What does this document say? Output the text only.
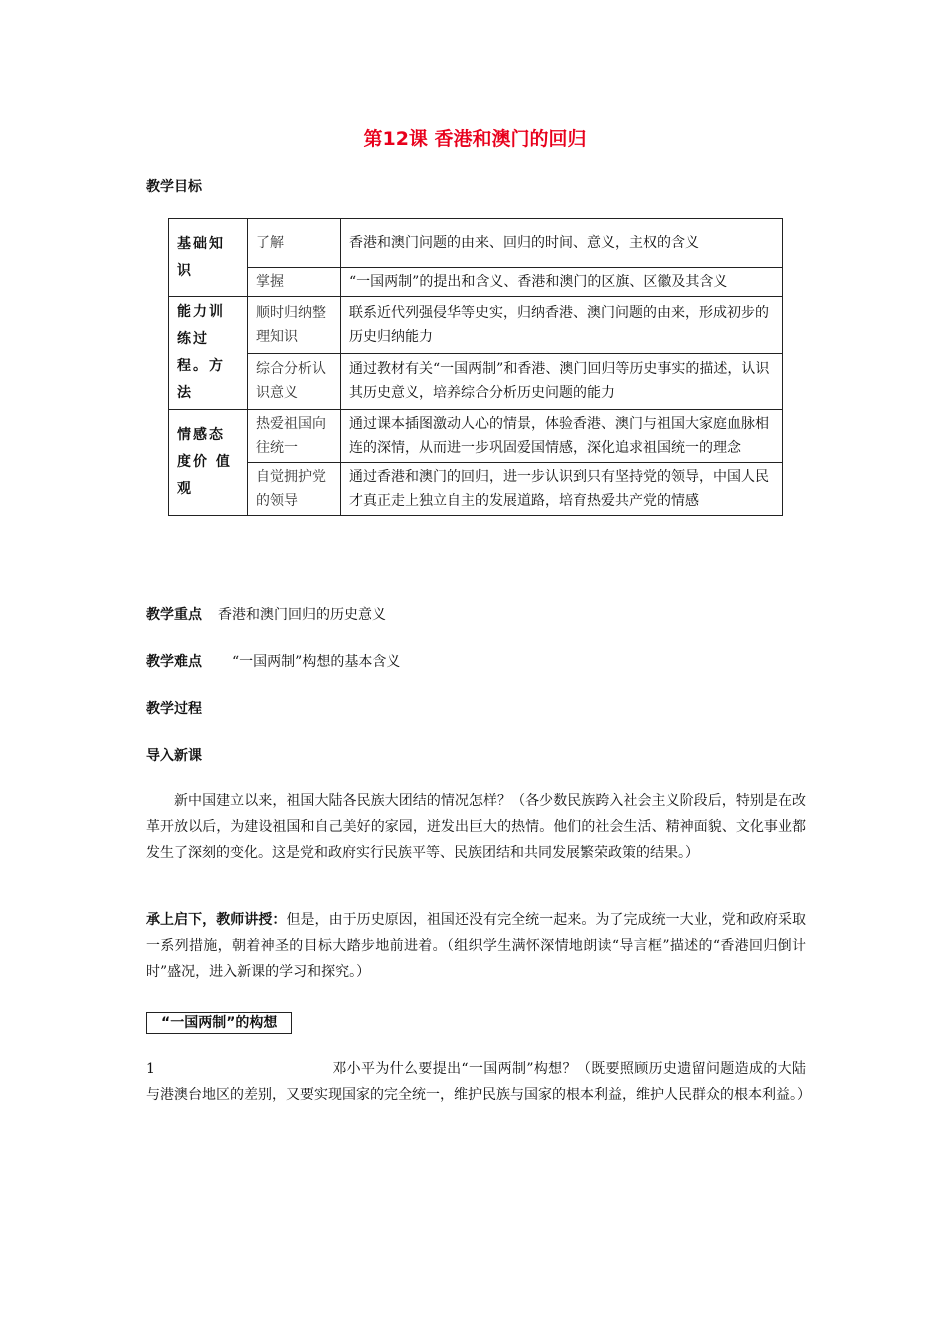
第12课 香港和澳门的回归
教学目标
基础知识	了解	香港和澳门问题的由来、回归的时间、意义，主权的含义
	掌握	“一国两制”的提出和含义、香港和澳门的区旗、区徽及其含义
能力训练过程。方法	顺时归纳整理知识	联系近代列强侵华等史实，归纳香港、澳门问题的由来，形成初步的历史归纳能力
	综合分析认识意义	通过教材有关“一国两制”和香港、澳门回归等历史事实的描述，认识其历史意义，培养综合分析历史问题的能力
情感态度价 值观	热爱祖国向往统一	通过课本插图激动人心的情景，体验香港、澳门与祖国大家庭血脉相连的深情，从而进一步巩固爱国情感，深化追求祖国统一的理念
	自觉拥护党的领导	通过香港和澳门的回归，进一步认识到只有坚持党的领导，中国人民才真正走上独立自主的发展道路，培育热爱共产党的情感
教学重点 香港和澳门回归的历史意义
教学难点 “一国两制”构想的基本含义
教学过程
导入新课
新中国建立以来，祖国大陆各民族大团结的情况怎样？（各少数民族跨入社会主义阶段后，特别是在改革开放以后，为建设祖国和自己美好的家园，迸发出巨大的热情。他们的社会生活、精神面貌、文化事业都发生了深刻的变化。这是党和政府实行民族平等、民族团结和共同发展繁荣政策的结果。）
承上启下，教师讲授：但是，由于历史原因，祖国还没有完全统一起来。为了完成统一大业，党和政府采取一系列措施，朝着神圣的目标大踏步地前进着。（组织学生满怀深情地朗读“导言框”描述的“香港回归倒计时”盛况，进入新课的学习和探究。）
“一国两制”的构想
1	邓小平为什么要提出“一国两制”构想？（既要照顾历史遗留问题造成的大陆与港澳台地区的差别，又要实现国家的完全统一，维护民族与国家的根本利益，维护人民群众的根本利益。）
